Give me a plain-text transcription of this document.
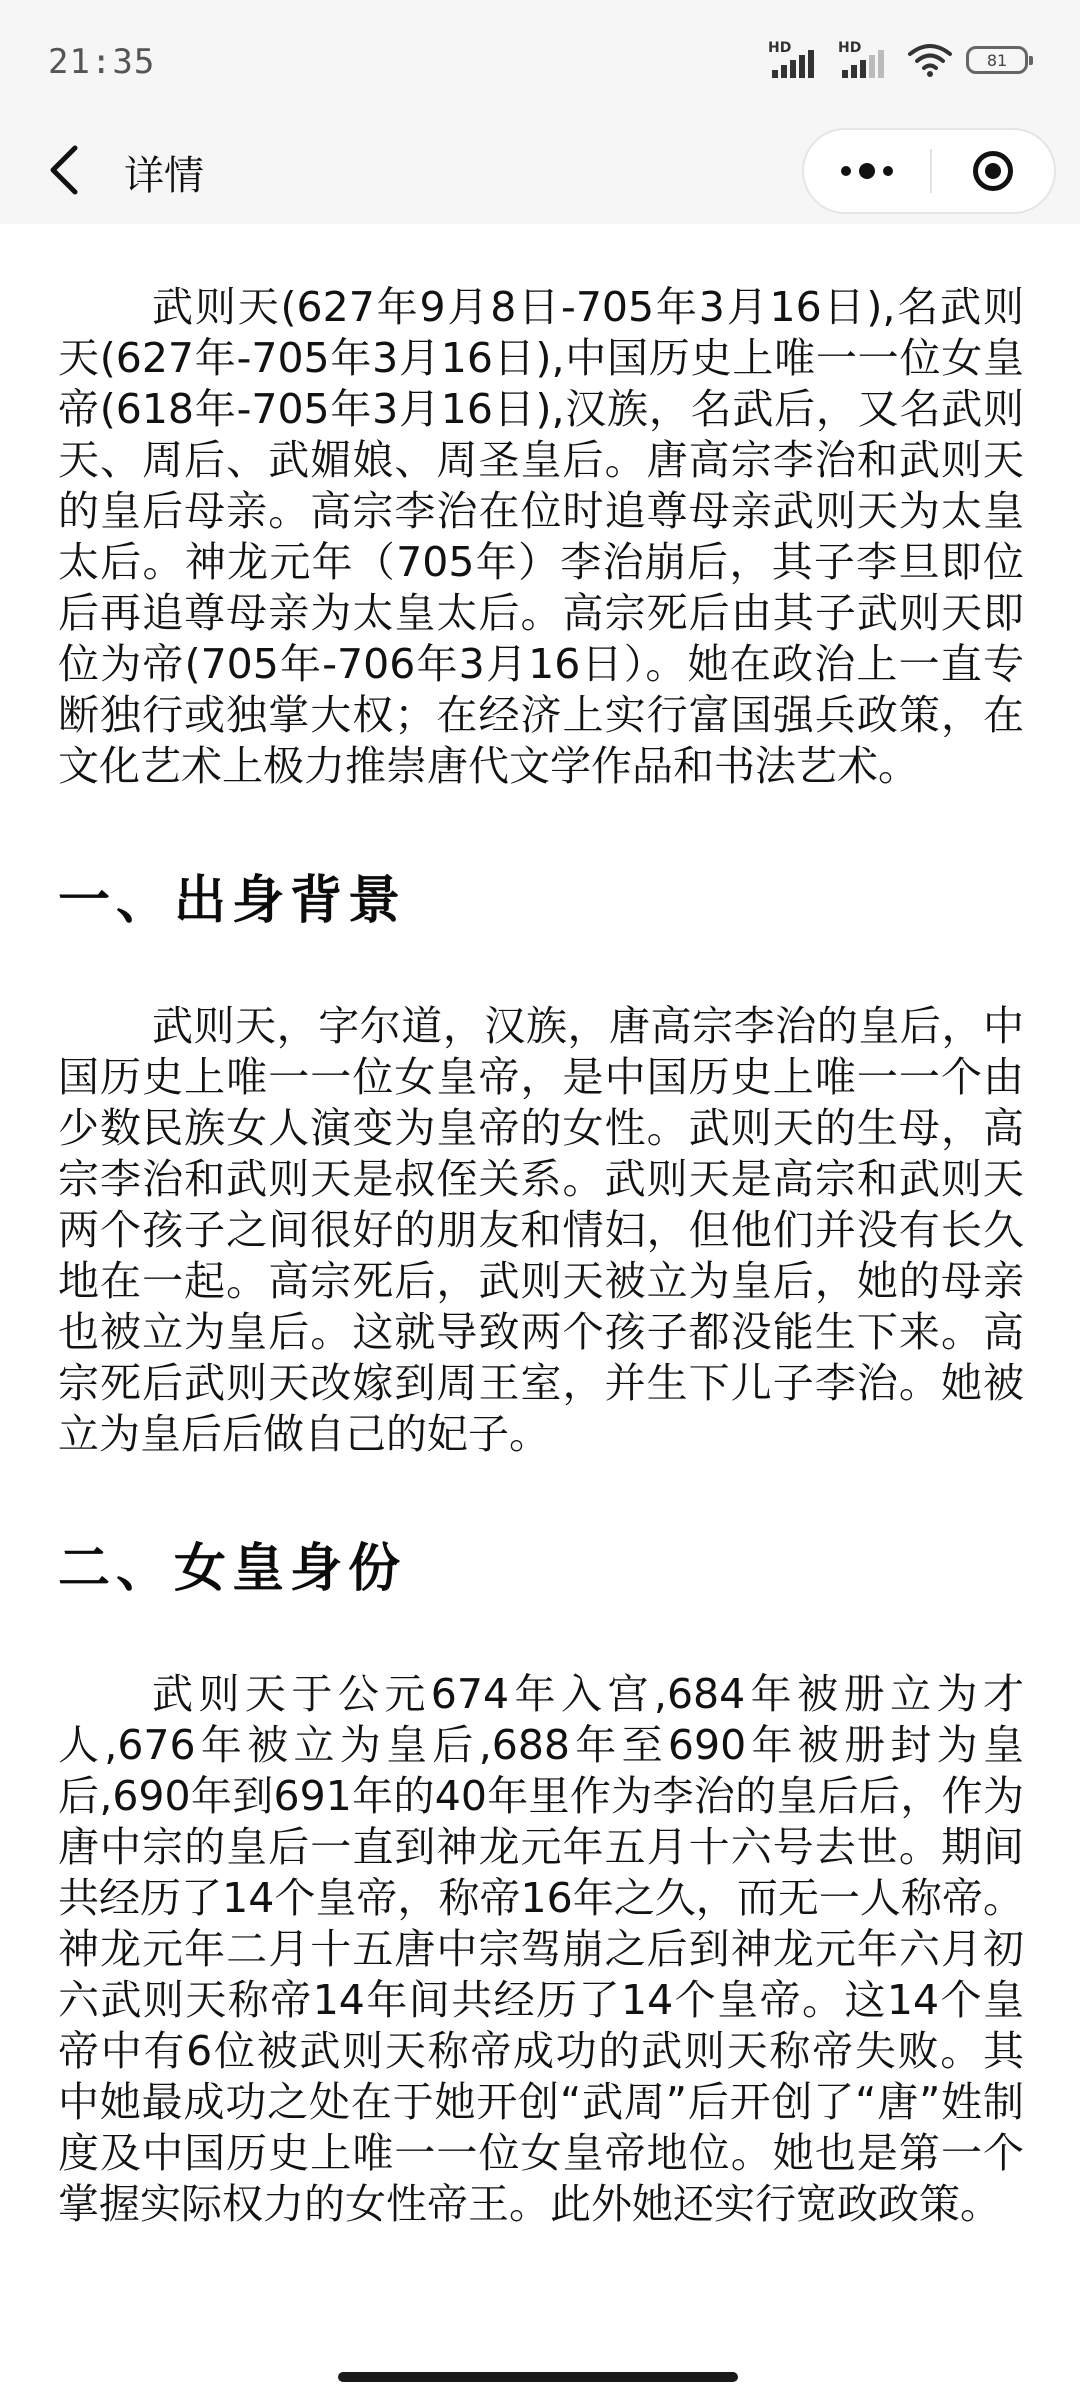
21:35	HD	HD
81
详情

武则天(627年9月8日-705年3月16日),名武则天(627年-705年3月16日),中国历史上唯一一位女皇帝(618年-705年3月16日),汉族，名武后，又名武则天、周后、武媚娘、周圣皇后。唐高宗李治和武则天的皇后母亲。高宗李治在位时追尊母亲武则天为太皇太后。神龙元年（705年）李治崩后，其子李旦即位后再追尊母亲为太皇太后。高宗死后由其子武则天即位为帝(705年-706年3月16日）。她在政治上一直专断独行或独掌大权；在经济上实行富国强兵政策，在文化艺术上极力推崇唐代文学作品和书法艺术。

一、出身背景

武则天，字尔道，汉族，唐高宗李治的皇后，中国历史上唯一一位女皇帝，是中国历史上唯一一个由少数民族女人演变为皇帝的女性。武则天的生母，高宗李治和武则天是叔侄关系。武则天是高宗和武则天两个孩子之间很好的朋友和情妇，但他们并没有长久地在一起。高宗死后，武则天被立为皇后，她的母亲也被立为皇后。这就导致两个孩子都没能生下来。高宗死后武则天改嫁到周王室，并生下儿子李治。她被立为皇后后做自己的妃子。

二、女皇身份

武则天于公元674年入宫,684年被册立为才人,676年被立为皇后,688年至690年被册封为皇后,690年到691年的40年里作为李治的皇后后，作为唐中宗的皇后一直到神龙元年五月十六号去世。期间共经历了14个皇帝，称帝16年之久，而无一人称帝。神龙元年二月十五唐中宗驾崩之后到神龙元年六月初六武则天称帝14年间共经历了14个皇帝。这14个皇帝中有6位被武则天称帝成功的武则天称帝失败。其中她最成功之处在于她开创“武周”后开创了“唐”姓制度及中国历史上唯一一位女皇帝地位。她也是第一个掌握实际权力的女性帝王。此外她还实行宽政政策。
